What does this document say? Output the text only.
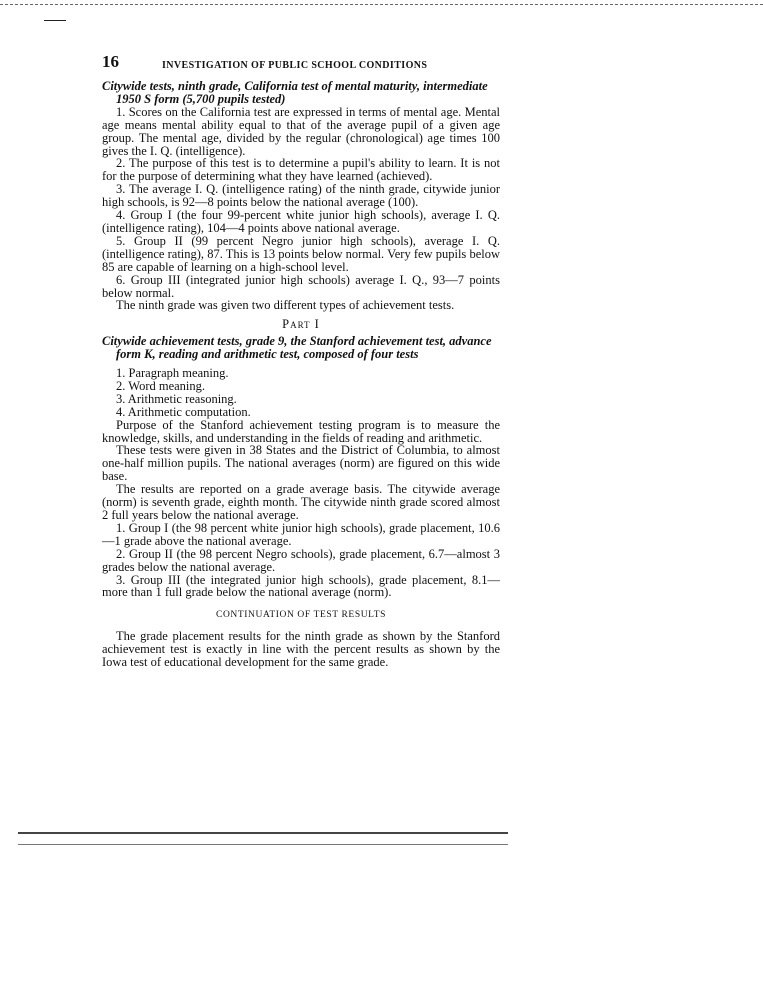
16	INVESTIGATION OF PUBLIC SCHOOL CONDITIONS

Citywide tests, ninth grade, California test of mental maturity, intermediate 1950 S form (5,700 pupils tested)

1. Scores on the California test are expressed in terms of mental age. Mental age means mental ability equal to that of the average pupil of a given age group. The mental age, divided by the regular (chronological) age times 100 gives the I. Q. (intelligence).

2. The purpose of this test is to determine a pupil's ability to learn. It is not for the purpose of determining what they have learned (achieved).

3. The average I. Q. (intelligence rating) of the ninth grade, citywide junior high schools, is 92—8 points below the national average (100).

4. Group I (the four 99-percent white junior high schools), average I. Q. (intelligence rating), 104—4 points above national average.

5. Group II (99 percent Negro junior high schools), average I. Q. (intelligence rating), 87. This is 13 points below normal. Very few pupils below 85 are capable of learning on a high-school level.

6. Group III (integrated junior high schools) average I. Q., 93—7 points below normal.

The ninth grade was given two different types of achievement tests.

Part I

Citywide achievement tests, grade 9, the Stanford achievement test, advance form K, reading and arithmetic test, composed of four tests

1. Paragraph meaning.

2. Word meaning.

3. Arithmetic reasoning.

4. Arithmetic computation.

Purpose of the Stanford achievement testing program is to measure the knowledge, skills, and understanding in the fields of reading and arithmetic.

These tests were given in 38 States and the District of Columbia, to almost one-half million pupils. The national averages (norm) are figured on this wide base.

The results are reported on a grade average basis. The citywide average (norm) is seventh grade, eighth month. The citywide ninth grade scored almost 2 full years below the national average.

1. Group I (the 98 percent white junior high schools), grade placement, 10.6—1 grade above the national average.

2. Group II (the 98 percent Negro schools), grade placement, 6.7—almost 3 grades below the national average.

3. Group III (the integrated junior high schools), grade placement, 8.1—more than 1 full grade below the national average (norm).

CONTINUATION OF TEST RESULTS

The grade placement results for the ninth grade as shown by the Stanford achievement test is exactly in line with the percent results as shown by the Iowa test of educational development for the same grade.
